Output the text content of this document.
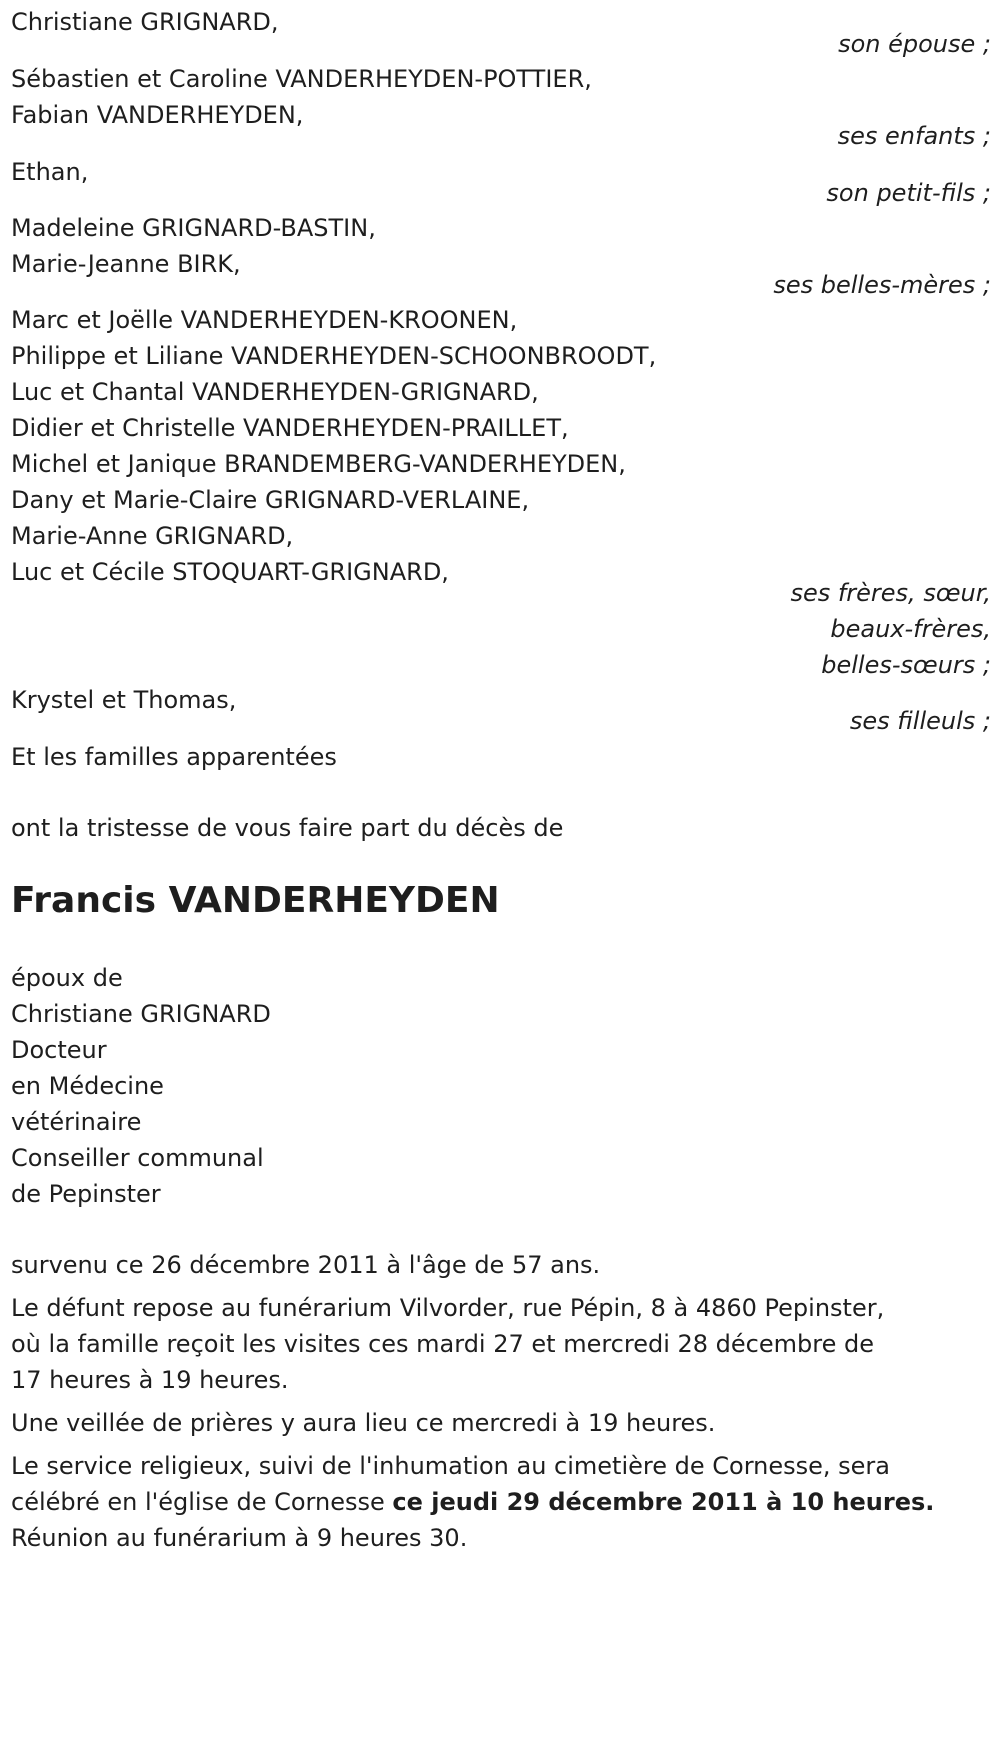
Christiane GRIGNARD,
son épouse ;
Sébastien et Caroline VANDERHEYDEN-POTTIER,
Fabian VANDERHEYDEN,
ses enfants ;
Ethan,
son petit-fils ;
Madeleine GRIGNARD-BASTIN,
Marie-Jeanne BIRK,
ses belles-mères ;
Marc et Joëlle VANDERHEYDEN-KROONEN,
Philippe et Liliane VANDERHEYDEN-SCHOONBROODT,
Luc et Chantal VANDERHEYDEN-GRIGNARD,
Didier et Christelle VANDERHEYDEN-PRAILLET,
Michel et Janique BRANDEMBERG-VANDERHEYDEN,
Dany et Marie-Claire GRIGNARD-VERLAINE,
Marie-Anne GRIGNARD,
Luc et Cécile STOQUART-GRIGNARD,
ses frères, sœur,
beaux-frères,
belles-sœurs ;
Krystel et Thomas,
ses filleuls ;
Et les familles apparentées
ont la tristesse de vous faire part du décès de
Francis VANDERHEYDEN
époux de
Christiane GRIGNARD
Docteur
en Médecine
vétérinaire
Conseiller communal
de Pepinster
survenu ce 26 décembre 2011 à l'âge de 57 ans.
Le défunt repose au funérarium Vilvorder, rue Pépin, 8 à 4860 Pepinster,
où la famille reçoit les visites ces mardi 27 et mercredi 28 décembre de
17 heures à 19 heures.
Une veillée de prières y aura lieu ce mercredi à 19 heures.
Le service religieux, suivi de l'inhumation au cimetière de Cornesse, sera
célébré en l'église de Cornesse ce jeudi 29 décembre 2011 à 10 heures.
Réunion au funérarium à 9 heures 30.
